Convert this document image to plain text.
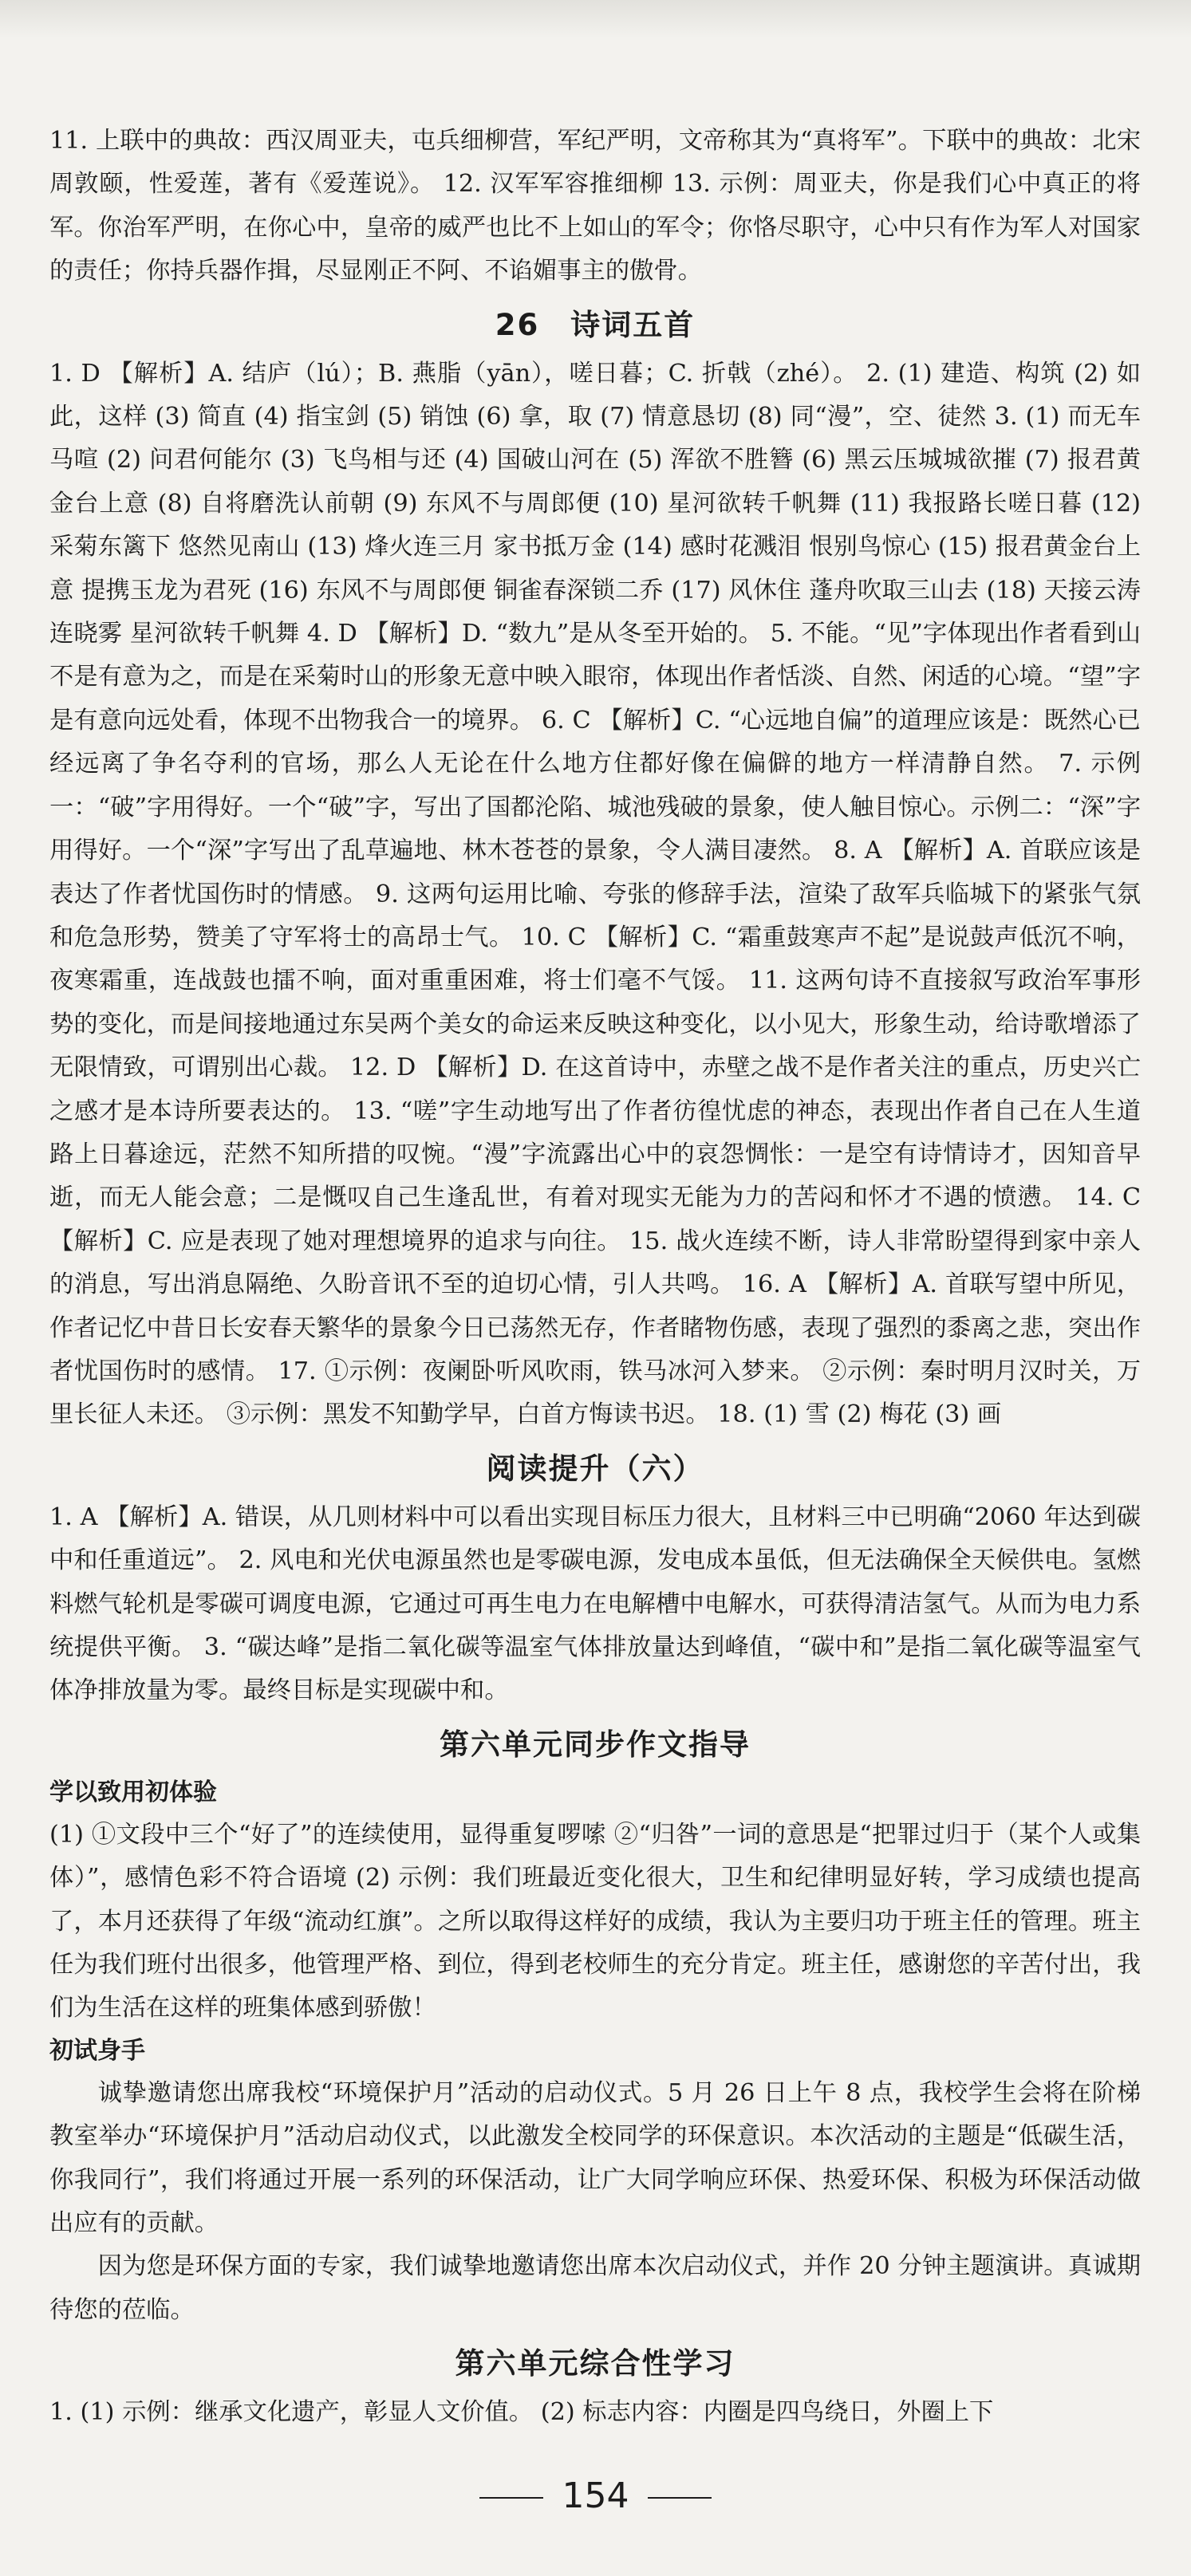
11. 上联中的典故：西汉周亚夫，屯兵细柳营，军纪严明，文帝称其为“真将军”。下联中的典故：北宋周敦颐，性爱莲，著有《爱莲说》。 12. 汉军军容推细柳 13. 示例：周亚夫，你是我们心中真正的将军。你治军严明，在你心中，皇帝的威严也比不上如山的军令；你恪尽职守，心中只有作为军人对国家的责任；你持兵器作揖，尽显刚正不阿、不谄媚事主的傲骨。

26　诗词五首

1. D 【解析】A. 结庐（lú）；B. 燕脂（yān），嗟日暮；C. 折戟（zhé）。 2. (1) 建造、构筑 (2) 如此，这样 (3) 简直 (4) 指宝剑 (5) 销蚀 (6) 拿，取 (7) 情意恳切 (8) 同“漫”，空、徒然 3. (1) 而无车马喧 (2) 问君何能尔 (3) 飞鸟相与还 (4) 国破山河在 (5) 浑欲不胜簪 (6) 黑云压城城欲摧 (7) 报君黄金台上意 (8) 自将磨洗认前朝 (9) 东风不与周郎便 (10) 星河欲转千帆舞 (11) 我报路长嗟日暮 (12) 采菊东篱下 悠然见南山 (13) 烽火连三月 家书抵万金 (14) 感时花溅泪 恨别鸟惊心 (15) 报君黄金台上意 提携玉龙为君死 (16) 东风不与周郎便 铜雀春深锁二乔 (17) 风休住 蓬舟吹取三山去 (18) 天接云涛连晓雾 星河欲转千帆舞 4. D 【解析】D. “数九”是从冬至开始的。 5. 不能。“见”字体现出作者看到山不是有意为之，而是在采菊时山的形象无意中映入眼帘，体现出作者恬淡、自然、闲适的心境。“望”字是有意向远处看，体现不出物我合一的境界。 6. C 【解析】C. “心远地自偏”的道理应该是：既然心已经远离了争名夺利的官场，那么人无论在什么地方住都好像在偏僻的地方一样清静自然。 7. 示例一：“破”字用得好。一个“破”字，写出了国都沦陷、城池残破的景象，使人触目惊心。示例二：“深”字用得好。一个“深”字写出了乱草遍地、林木苍苍的景象，令人满目凄然。 8. A 【解析】A. 首联应该是表达了作者忧国伤时的情感。 9. 这两句运用比喻、夸张的修辞手法，渲染了敌军兵临城下的紧张气氛和危急形势，赞美了守军将士的高昂士气。 10. C 【解析】C. “霜重鼓寒声不起”是说鼓声低沉不响，夜寒霜重，连战鼓也擂不响，面对重重困难，将士们毫不气馁。 11. 这两句诗不直接叙写政治军事形势的变化，而是间接地通过东吴两个美女的命运来反映这种变化，以小见大，形象生动，给诗歌增添了无限情致，可谓别出心裁。 12. D 【解析】D. 在这首诗中，赤壁之战不是作者关注的重点，历史兴亡之感才是本诗所要表达的。 13. “嗟”字生动地写出了作者彷徨忧虑的神态，表现出作者自己在人生道路上日暮途远，茫然不知所措的叹惋。“漫”字流露出心中的哀怨惆怅：一是空有诗情诗才，因知音早逝，而无人能会意；二是慨叹自己生逢乱世，有着对现实无能为力的苦闷和怀才不遇的愤懑。 14. C 【解析】C. 应是表现了她对理想境界的追求与向往。 15. 战火连续不断，诗人非常盼望得到家中亲人的消息，写出消息隔绝、久盼音讯不至的迫切心情，引人共鸣。 16. A 【解析】A. 首联写望中所见，作者记忆中昔日长安春天繁华的景象今日已荡然无存，作者睹物伤感，表现了强烈的黍离之悲，突出作者忧国伤时的感情。 17. ①示例：夜阑卧听风吹雨，铁马冰河入梦来。 ②示例：秦时明月汉时关，万里长征人未还。 ③示例：黑发不知勤学早，白首方悔读书迟。 18. (1) 雪 (2) 梅花 (3) 画

阅读提升（六）

1. A 【解析】A. 错误，从几则材料中可以看出实现目标压力很大，且材料三中已明确“2060 年达到碳中和任重道远”。 2. 风电和光伏电源虽然也是零碳电源，发电成本虽低，但无法确保全天候供电。氢燃料燃气轮机是零碳可调度电源，它通过可再生电力在电解槽中电解水，可获得清洁氢气。从而为电力系统提供平衡。 3. “碳达峰”是指二氧化碳等温室气体排放量达到峰值，“碳中和”是指二氧化碳等温室气体净排放量为零。最终目标是实现碳中和。

第六单元同步作文指导
学以致用初体验

(1) ①文段中三个“好了”的连续使用，显得重复啰嗦 ②“归咎”一词的意思是“把罪过归于（某个人或集体）”，感情色彩不符合语境 (2) 示例：我们班最近变化很大，卫生和纪律明显好转，学习成绩也提高了，本月还获得了年级“流动红旗”。之所以取得这样好的成绩，我认为主要归功于班主任的管理。班主任为我们班付出很多，他管理严格、到位，得到老校师生的充分肯定。班主任，感谢您的辛苦付出，我们为生活在这样的班集体感到骄傲！

初试身手

诚挚邀请您出席我校“环境保护月”活动的启动仪式。5 月 26 日上午 8 点，我校学生会将在阶梯教室举办“环境保护月”活动启动仪式，以此激发全校同学的环保意识。本次活动的主题是“低碳生活，你我同行”，我们将通过开展一系列的环保活动，让广大同学响应环保、热爱环保、积极为环保活动做出应有的贡献。

因为您是环保方面的专家，我们诚挚地邀请您出席本次启动仪式，并作 20 分钟主题演讲。真诚期待您的莅临。

第六单元综合性学习

1. (1) 示例：继承文化遗产，彰显人文价值。 (2) 标志内容：内圈是四鸟绕日，外圈上下

154
